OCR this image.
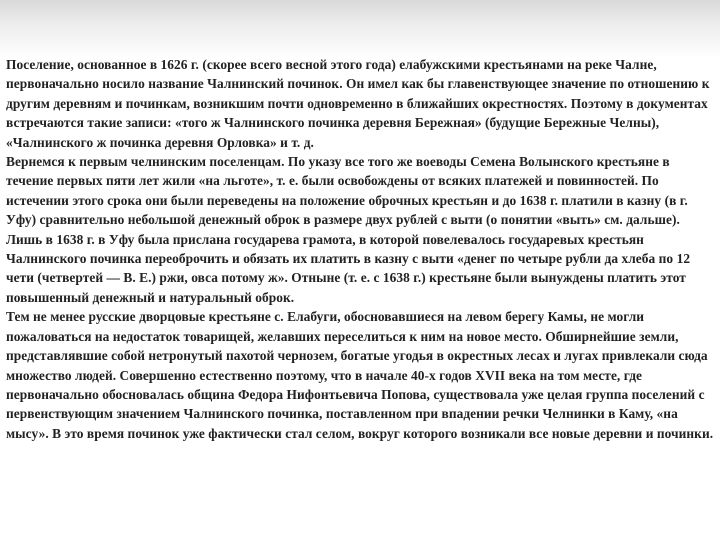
Поселение, основанное в 1626 г. (скорее всего весной этого года) елабужскими крестьянами на реке Чалне, первоначально носило название Чалнинский починок. Он имел как бы главенствующее значение по отношению к другим деревням и починкам, возникшим почти одновременно в ближайших окрестностях. Поэтому в документах встречаются такие записи: «того ж Чалнинского починка деревня Бережная» (будущие Бережные Челны), «Чалнинского ж починка деревня Орловка» и т. д.

Вернемся к первым челнинским поселенцам. По указу все того же воеводы Семена Волынского крестьяне в течение первых пяти лет жили «на льготе», т. е. были освобождены от всяких платежей и повинностей. По истечении этого срока они были переведены на положение оброчных крестьян и до 1638 г. платили в казну (в г. Уфу) сравнительно небольшой денежный оброк в размере двух рублей с выти (о понятии «выть» см. дальше). Лишь в 1638 г. в Уфу была прислана государева грамота, в которой повелевалось государевых крестьян Чалнинского починка переоброчить и обязать их платить в казну с выти «денег по четыре рубли да хлеба по 12 чети (четвертей — В. Е.) ржи, овса потому ж». Отныне (т. е. с 1638 г.) крестьяне были вынуждены платить этот повышенный денежный и натуральный оброк.

Тем не менее русские дворцовые крестьяне с. Елабуги, обосновавшиеся на левом берегу Камы, не могли пожаловаться на недостаток товарищей, желавших переселиться к ним на новое место. Обширнейшие земли, представлявшие собой нетронутый пахотой чернозем, богатые угодья в окрестных лесах и лугах привлекали сюда множество людей. Совершенно естественно поэтому, что в начале 40-х годов XVII века на том месте, где первоначально обосновалась община Федора Нифонтьевича Попова, существовала уже целая группа поселений с первенствующим значением Чалнинского починка, поставленном при впадении речки Челнинки в Каму, «на мысу». В это время починок уже фактически стал селом, вокруг которого возникали все новые деревни и починки.
